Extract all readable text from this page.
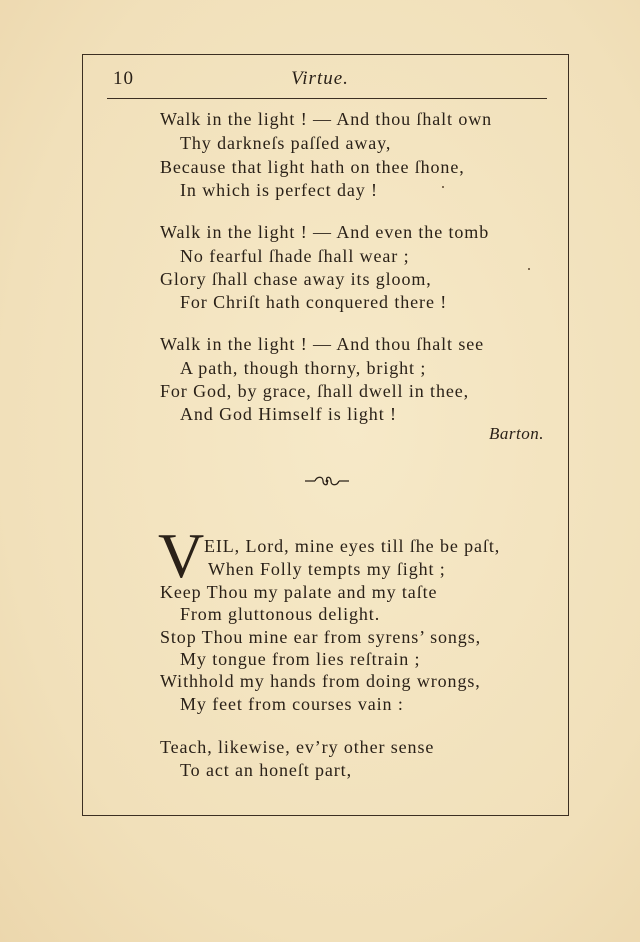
10	Virtue.
Walk in the light ! — And thou ſhalt own
Thy darkneſs paſſed away,
Because that light hath on thee ſhone,
In which is perfect day !
Walk in the light ! — And even the tomb
No fearful ſhade ſhall wear ;
Glory ſhall chase away its gloom,
For Chriſt hath conquered there !
Walk in the light ! — And thou ſhalt see
A path, though thorny, bright ;
For God, by grace, ſhall dwell in thee,
And God Himself is light !
Barton.
V EIL, Lord, mine eyes till ſhe be paſt,
When Folly tempts my ſight ;
Keep Thou my palate and my taſte
From gluttonous delight.
Stop Thou mine ear from syrens’ songs,
My tongue from lies reſtrain ;
Withhold my hands from doing wrongs,
My feet from courses vain :
Teach, likewise, ev’ry other sense
To act an honeſt part,
